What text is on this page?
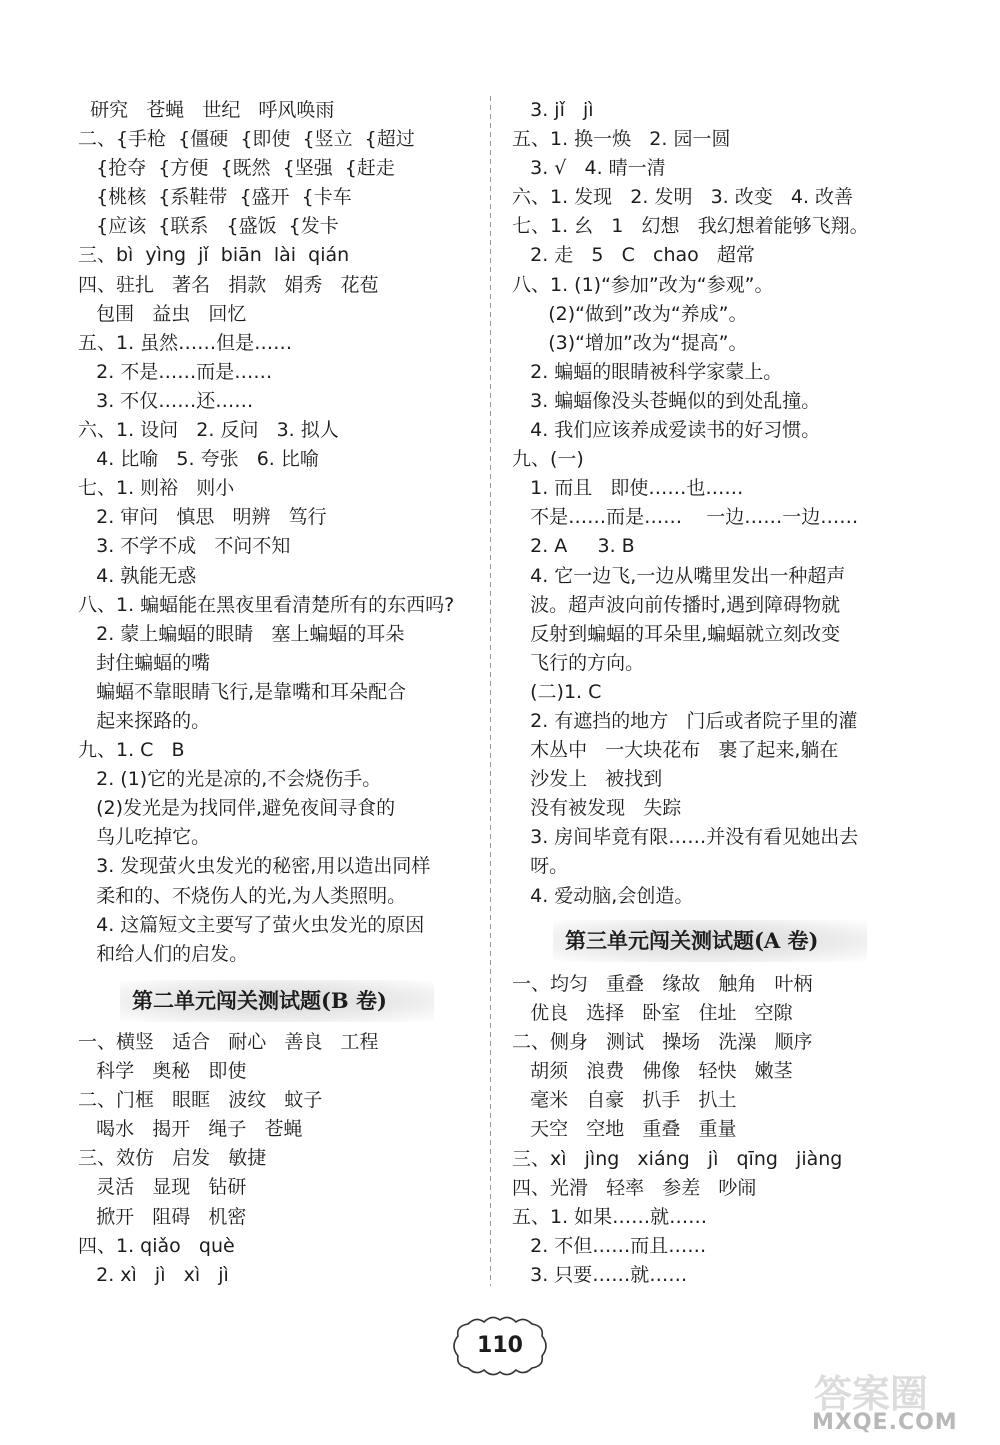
研究   苍蝇   世纪   呼风唤雨
二、{手枪  {僵硬  {即使  {竖立  {超过
{抢夺  {方便  {既然  {坚强  {赶走
{桃核  {系鞋带  {盛开  {卡车
{应该  {联系   {盛饭  {发卡
三、bì  yìng  jǐ  biān  lài  qián
四、驻扎   著名   捐款   娟秀   花苞
包围   益虫   回忆
五、1. 虽然……但是……
2. 不是……而是……
3. 不仅……还……
六、1. 设问   2. 反问   3. 拟人
4. 比喻   5. 夸张   6. 比喻
七、1. 则裕   则小
2. 审问   慎思   明辨   笃行
3. 不学不成   不问不知
4. 孰能无惑
八、1. 蝙蝠能在黑夜里看清楚所有的东西吗?
2. 蒙上蝙蝠的眼睛   塞上蝙蝠的耳朵
封住蝙蝠的嘴
蝙蝠不靠眼睛飞行,是靠嘴和耳朵配合
起来探路的。
九、1. C   B
2. (1)它的光是凉的,不会烧伤手。
(2)发光是为找同伴,避免夜间寻食的
鸟儿吃掉它。
3. 发现萤火虫发光的秘密,用以造出同样
柔和的、不烧伤人的光,为人类照明。
4. 这篇短文主要写了萤火虫发光的原因
和给人们的启发。
第二单元闯关测试题(B 卷)
一、横竖   适合   耐心   善良   工程
科学   奥秘   即使
二、门框   眼眶   波纹   蚊子
喝水   揭开   绳子   苍蝇
三、效仿   启发   敏捷
灵活   显现   钻研
掀开   阻碍   机密
四、1. qiǎo   què
2. xì   jì   xì   jì
3. jǐ   jì
五、1. 换一焕   2. 园一圆
3. √   4. 晴一清
六、1. 发现   2. 发明   3. 改变   4. 改善
七、1. 幺   1   幻想   我幻想着能够飞翔。
2. 走   5   C   chao   超常
八、1. (1)“参加”改为“参观”。
(2)“做到”改为“养成”。
(3)“增加”改为“提高”。
2. 蝙蝠的眼睛被科学家蒙上。
3. 蝙蝠像没头苍蝇似的到处乱撞。
4. 我们应该养成爱读书的好习惯。
九、(一)
1. 而且   即使……也……
不是……而是……    一边……一边……
2. A     3. B
4. 它一边飞,一边从嘴里发出一种超声
波。超声波向前传播时,遇到障碍物就
反射到蝙蝠的耳朵里,蝙蝠就立刻改变
飞行的方向。
(二)1. C
2. 有遮挡的地方   门后或者院子里的灌
木丛中   一大块花布   裹了起来,躺在
沙发上   被找到
没有被发现   失踪
3. 房间毕竟有限……并没有看见她出去
呀。
4. 爱动脑,会创造。
第三单元闯关测试题(A 卷)
一、均匀   重叠   缘故   触角   叶柄
优良   选择   卧室   住址   空隙
二、侧身   测试   操场   洗澡   顺序
胡须   浪费   佛像   轻快   嫩茎
毫米   自豪   扒手   扒土
天空   空地   重叠   重量
三、xì   jìng   xiáng   jì   qīng   jiàng
四、光滑   轻率   参差   吵闹
五、1. 如果……就……
2. 不但……而且……
3. 只要……就……
110
答案圈
MXQE.COM
